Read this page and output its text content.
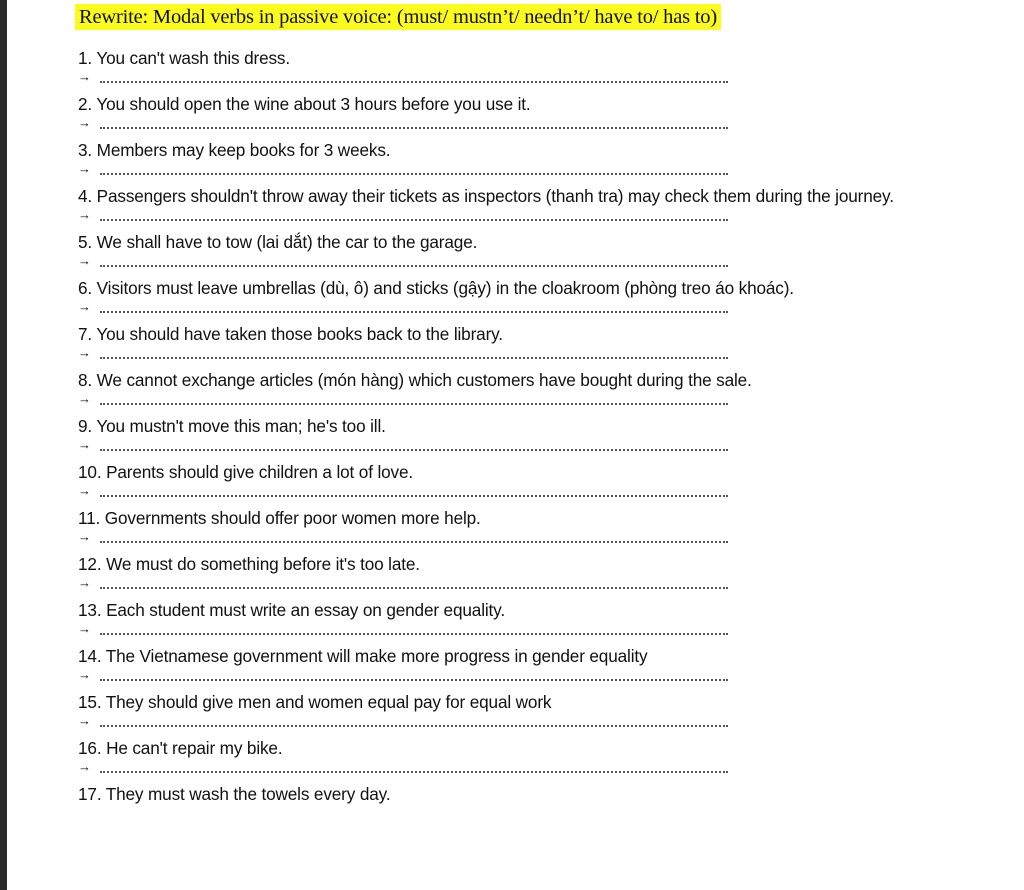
Rewrite: Modal verbs in passive voice: (must/ mustn’t/ needn’t/ have to/ has to)
1. You can't wash this dress.
→
2. You should open the wine about 3 hours before you use it.
→
3. Members may keep books for 3 weeks.
→
4. Passengers shouldn't throw away their tickets as inspectors (thanh tra) may check them during the journey.
→
5. We shall have to tow (lai dắt) the car to the garage.
→
6. Visitors must leave umbrellas (dù, ô) and sticks (gậy) in the cloakroom (phòng treo áo khoác).
→
7. You should have taken those books back to the library.
→
8. We cannot exchange articles (món hàng) which customers have bought during the sale.
→
9. You mustn't move this man; he's too ill.
→
10. Parents should give children a lot of love.
→
11. Governments should offer poor women more help.
→
12. We must do something before it's too late.
→
13. Each student must write an essay on gender equality.
→
14. The Vietnamese government will make more progress in gender equality
→
15. They should give men and women equal pay for equal work
→
16. He can't repair my bike.
→
17. They must wash the towels every day.
